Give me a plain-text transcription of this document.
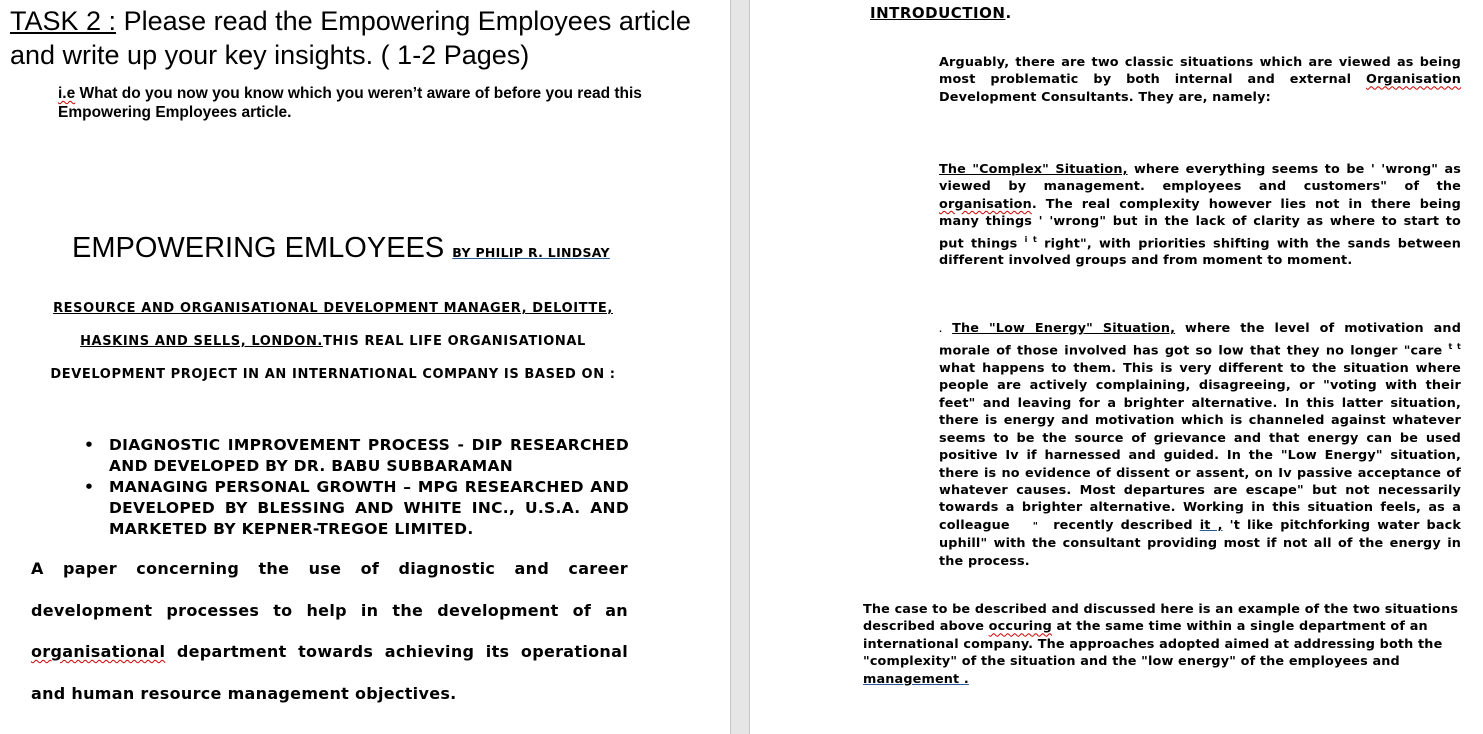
TASK 2 : Please read the Empowering Employees article and write up your key insights. ( 1-2 Pages)
i.e What do you now you know which you weren’t aware of before you read this Empowering Employees article.
EMPOWERING EMLOYEES BY PHILIP R. LINDSAY
RESOURCE AND ORGANISATIONAL DEVELOPMENT MANAGER, DELOITTE,
HASKINS AND SELLS, LONDON.THIS REAL LIFE ORGANISATIONAL
DEVELOPMENT PROJECT IN AN INTERNATIONAL COMPANY IS BASED ON :
• DIAGNOSTIC IMPROVEMENT PROCESS - DIP RESEARCHED AND DEVELOPED BY DR. BABU SUBBARAMAN
• MANAGING PERSONAL GROWTH – MPG RESEARCHED AND DEVELOPED BY BLESSING AND WHITE INC., U.S.A. AND MARKETED BY KEPNER-TREGOE LIMITED.
A paper concerning the use of diagnostic and career development processes to help in the development of an organisational department towards achieving its operational and human resource management objectives.
INTRODUCTION.
Arguably, there are two classic situations which are viewed as being most problematic by both internal and external Organisation Development Consultants. They are, namely:
The "Complex" Situation, where everything seems to be ' 'wrong" as viewed by management. employees and customers" of the organisation. The real complexity however lies not in there being many things ' 'wrong" but in the lack of clarity as where to start to put things $^{i t}$ right", with priorities shifting with the sands between different involved groups and from moment to moment.
. The "Low Energy" Situation, where the level of motivation and morale of those involved has got so low that they no longer "care $^{t t}$ what happens to them. This is very different to the situation where people are actively complaining, disagreeing, or "voting with their feet" and leaving for a brighter alternative. In this latter situation, there is energy and motivation which is channeled against whatever seems to be the source of grievance and that energy can be used positive Iv if harnessed and guided. In the "Low Energy" situation, there is no evidence of dissent or assent, on Iv passive acceptance of whatever causes. Most departures are escape" but not necessarily towards a brighter alternative. Working in this situation feels, as a colleague " recently described it , 't like pitchforking water back uphill" with the consultant providing most if not all of the energy in the process.
The case to be described and discussed here is an example of the two situations described above occuring at the same time within a single department of an international company. The approaches adopted aimed at addressing both the "complexity" of the situation and the "low energy" of the employees and management .
